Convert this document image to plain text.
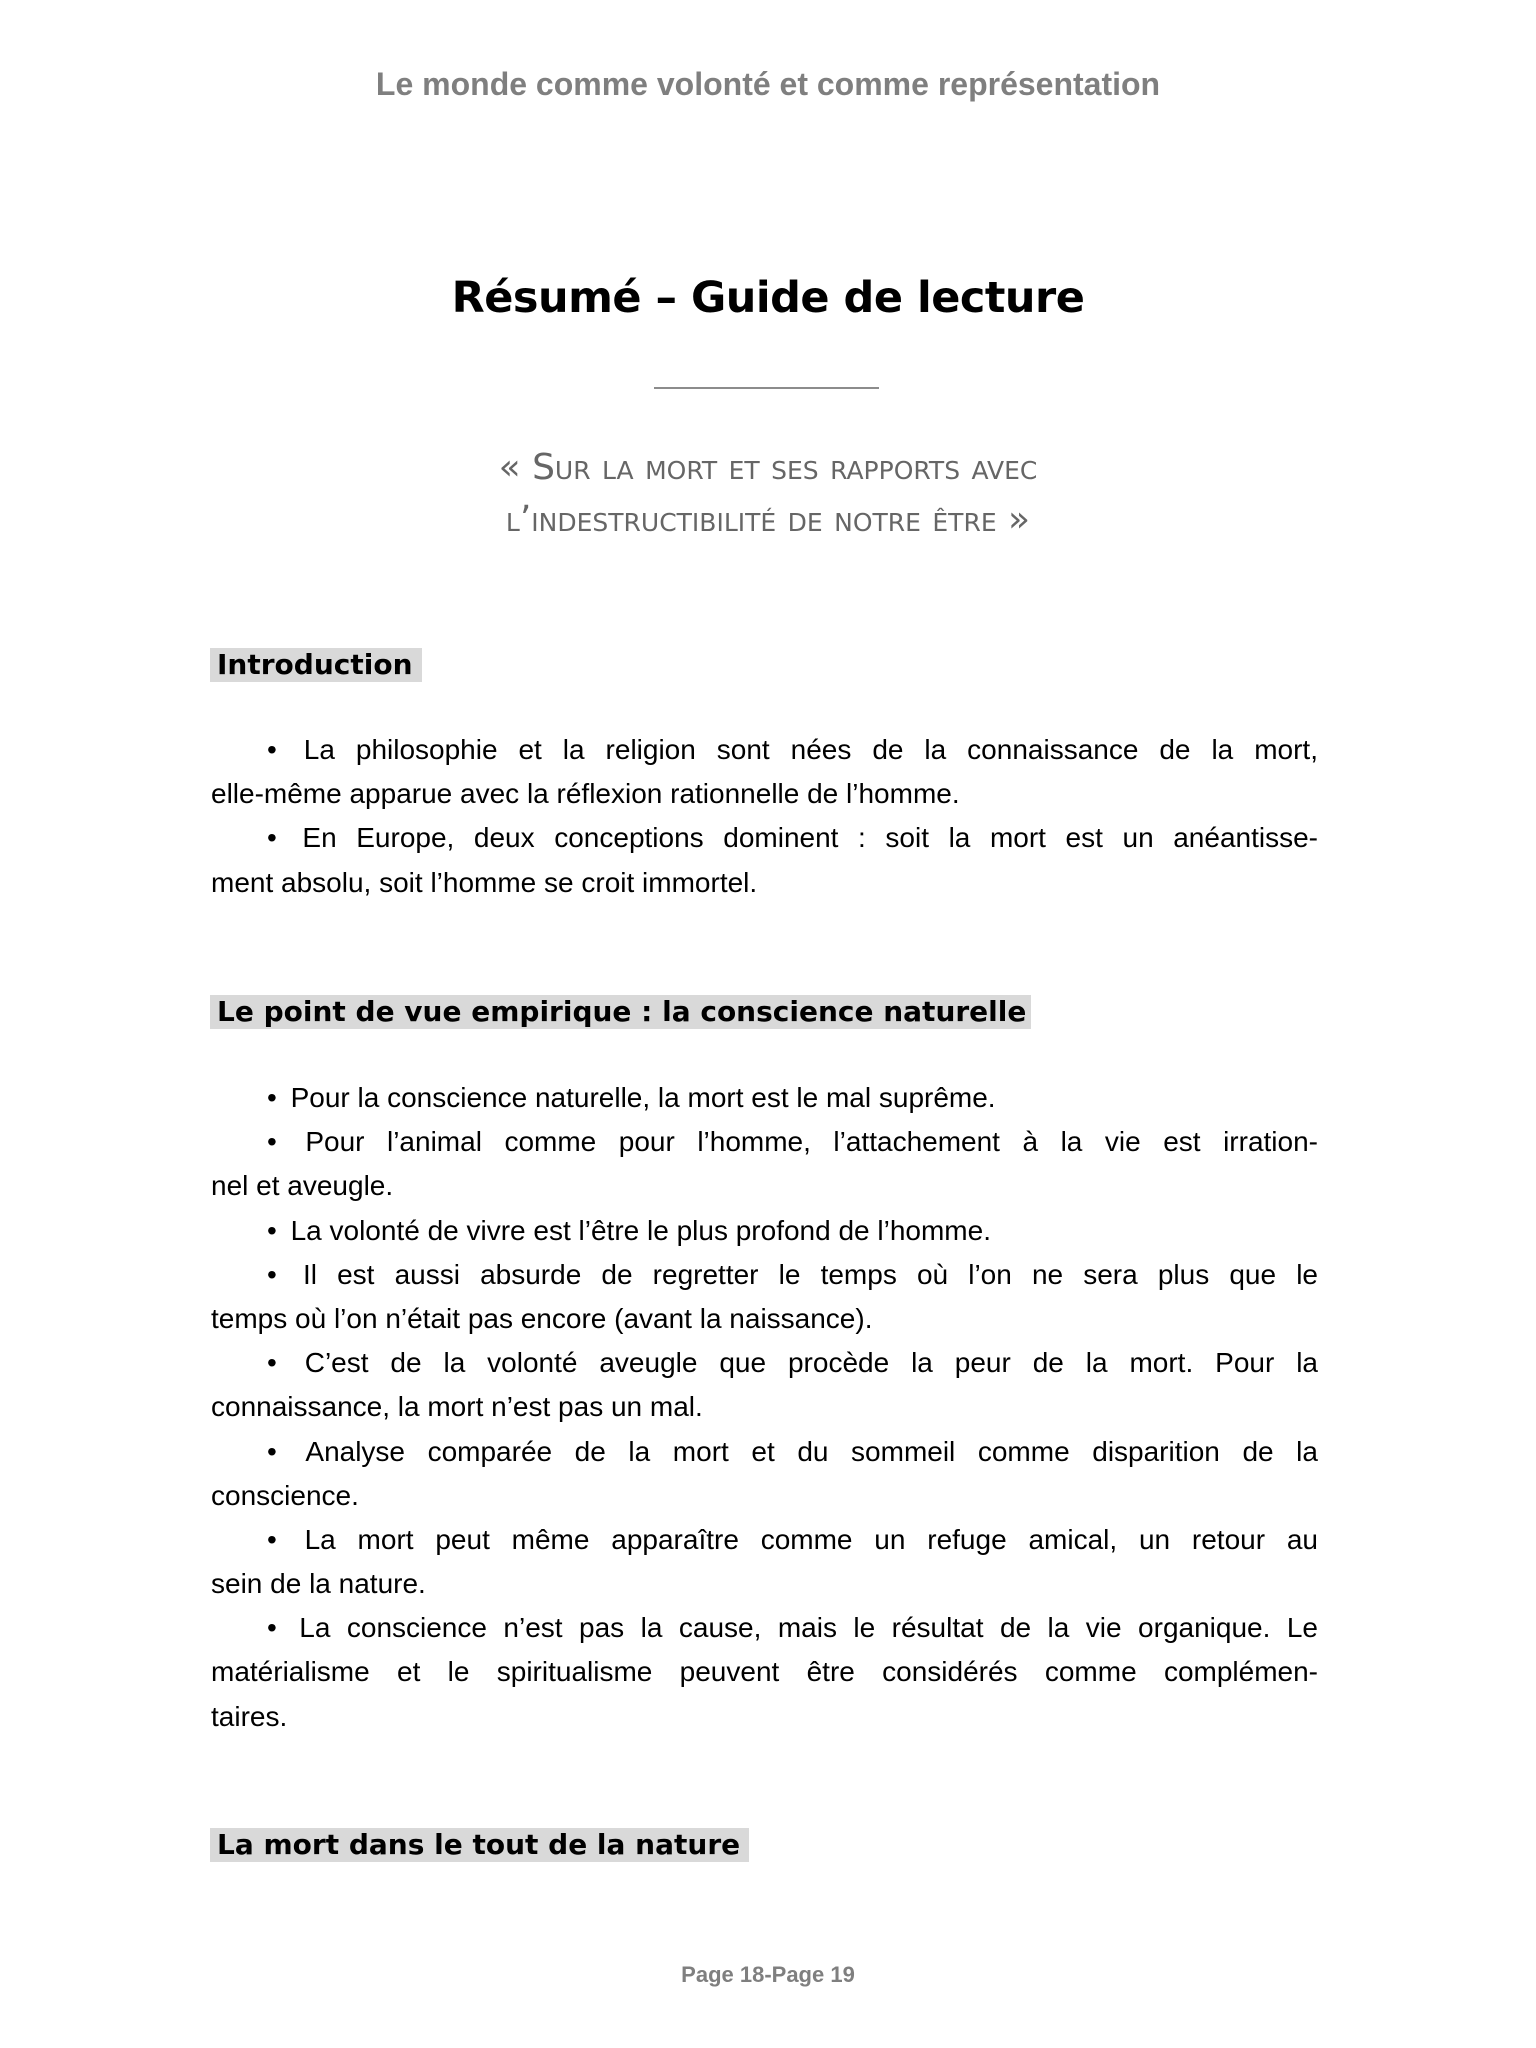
Le monde comme volonté et comme représentation
Résumé – Guide de lecture
« Sur la mort et ses rapports avec
l’indestructibilité de notre être »
Introduction
• La philosophie et la religion sont nées de la connaissance de la mort,
elle-même apparue avec la réflexion rationnelle de l’homme.
• En Europe, deux conceptions dominent : soit la mort est un anéantisse-
ment absolu, soit l’homme se croit immortel.
Le point de vue empirique : la conscience naturelle
• Pour la conscience naturelle, la mort est le mal suprême.
• Pour l’animal comme pour l’homme, l’attachement à la vie est irration-
nel et aveugle.
• La volonté de vivre est l’être le plus profond de l’homme.
• Il est aussi absurde de regretter le temps où l’on ne sera plus que le
temps où l’on n’était pas encore (avant la naissance).
• C’est de la volonté aveugle que procède la peur de la mort. Pour la
connaissance, la mort n’est pas un mal.
• Analyse comparée de la mort et du sommeil comme disparition de la
conscience.
• La mort peut même apparaître comme un refuge amical, un retour au
sein de la nature.
• La conscience n’est pas la cause, mais le résultat de la vie organique. Le
matérialisme et le spiritualisme peuvent être considérés comme complémen-
taires.
La mort dans le tout de la nature
Page 18-Page 19
